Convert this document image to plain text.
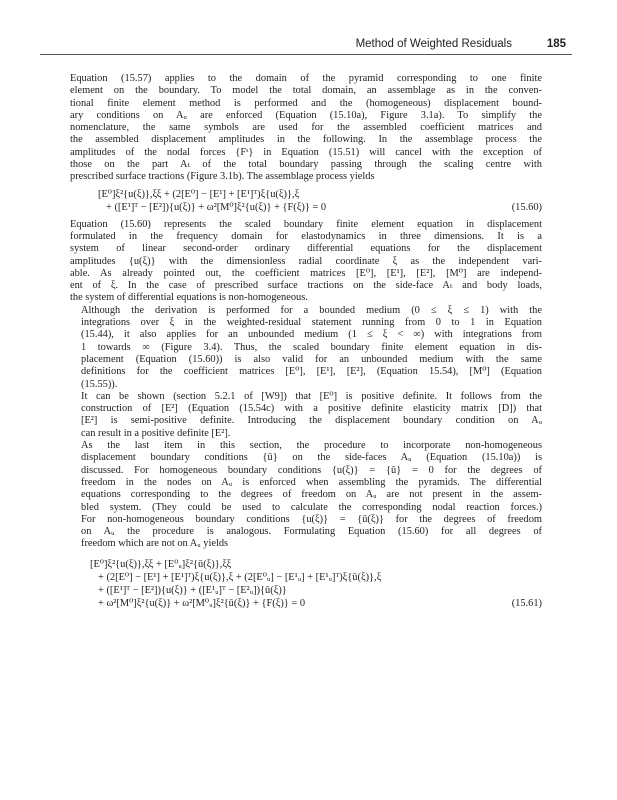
Method of Weighted Residuals	185

Equation (15.57) applies to the domain of the pyramid corresponding to one finite
element on the boundary. To model the total domain, an assemblage as in the conven-
tional finite element method is performed and the (homogeneous) displacement bound-
ary conditions on Aᵤ are enforced (Equation (15.10a), Figure 3.1a). To simplify the
nomenclature, the same symbols are used for the assembled coefficient matrices and
the assembled displacement amplitudes in the following. In the assemblage process the
amplitudes of the nodal forces {Fˢ} in Equation (15.51) will cancel with the exception of
those on the part Aₜ of the total boundary passing through the scaling centre with
prescribed surface tractions (Figure 3.1b). The assemblage process yields

[E⁰]ξ²{u(ξ)},ξξ + (2[E⁰] − [E¹] + [E¹]ᵀ)ξ{u(ξ)},ξ
+ ([E¹]ᵀ − [E²]){u(ξ)} + ω²[M⁰]ξ²{u(ξ)} + {F(ξ)} = 0	(15.60)

Equation (15.60) represents the scaled boundary finite element equation in displacement
formulated in the frequency domain for elastodynamics in three dimensions. It is a
system of linear second-order ordinary differential equations for the displacement
amplitudes {u(ξ)} with the dimensionless radial coordinate ξ as the independent vari-
able. As already pointed out, the coefficient matrices [E⁰], [E¹], [E²], [M⁰] are independ-
ent of ξ. In the case of prescribed surface tractions on the side-face Aₜ and body loads,
the system of differential equations is non-homogeneous.

Although the derivation is performed for a bounded medium (0 ≤ ξ ≤ 1) with the
integrations over ξ in the weighted-residual statement running from 0 to 1 in Equation
(15.44), it also applies for an unbounded medium (1 ≤ ξ < ∞) with integrations from
1 towards ∞ (Figure 3.4). Thus, the scaled boundary finite element equation in dis-
placement (Equation (15.60)) is also valid for an unbounded medium with the same
definitions for the coefficient matrices [E⁰], [E¹], [E²], (Equation 15.54), [M⁰] (Equation
(15.55)).

It can be shown (section 5.2.1 of [W9]) that [E⁰] is positive definite. It follows from the
construction of [E²] (Equation (15.54c) with a positive definite elasticity matrix [D]) that
[E²] is semi-positive definite. Introducing the displacement boundary condition on Aᵤ
can result in a positive definite [E²].

As the last item in this section, the procedure to incorporate non-homogeneous
displacement boundary conditions {ū} on the side-faces Aᵤ (Equation (15.10a)) is
discussed. For homogeneous boundary conditions {u(ξ)} = {ū} = 0 for the degrees of
freedom in the nodes on Aᵤ is enforced when assembling the pyramids. The differential
equations corresponding to the degrees of freedom on Aᵤ are not present in the assem-
bled system. (They could be used to calculate the corresponding nodal reaction forces.)
For non-homogeneous boundary conditions {u(ξ)} = {ū(ξ)} for the degrees of freedom
on Aᵤ the procedure is analogous. Formulating Equation (15.60) for all degrees of
freedom which are not on Aᵤ yields

[E⁰]ξ²{u(ξ)},ξξ + [E⁰ᵤ]ξ²{ū(ξ)},ξξ
+ (2[E⁰] − [E¹] + [E¹]ᵀ)ξ{u(ξ)},ξ + (2[E⁰ᵤ] − [E¹ᵤ] + [E¹ᵤ]ᵀ)ξ{ū(ξ)},ξ
+ ([E¹]ᵀ − [E²]){u(ξ)} + ([E¹ᵤ]ᵀ − [E²ᵤ]){ū(ξ)}
+ ω²[M⁰]ξ²{u(ξ)} + ω²[M⁰ᵤ]ξ²{ū(ξ)} + {F(ξ)} = 0	(15.61)
